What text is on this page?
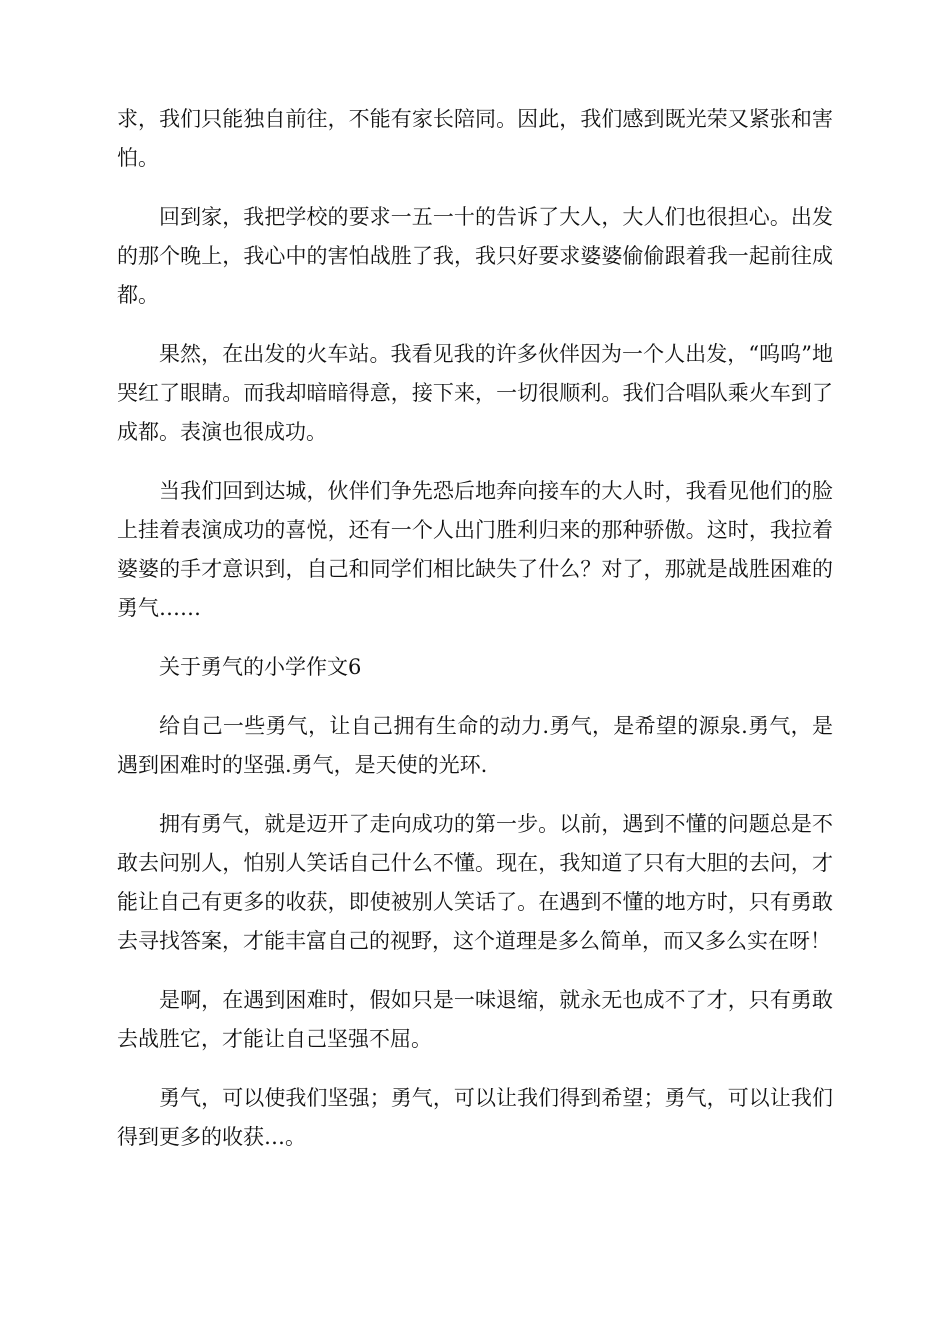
求，我们只能独自前往，不能有家长陪同。因此，我们感到既光荣又紧张和害怕。

回到家，我把学校的要求一五一十的告诉了大人，大人们也很担心。出发的那个晚上，我心中的害怕战胜了我，我只好要求婆婆偷偷跟着我一起前往成都。

果然，在出发的火车站。我看见我的许多伙伴因为一个人出发，“呜呜”地哭红了眼睛。而我却暗暗得意，接下来，一切很顺利。我们合唱队乘火车到了成都。表演也很成功。

当我们回到达城，伙伴们争先恐后地奔向接车的大人时，我看见他们的脸上挂着表演成功的喜悦，还有一个人出门胜利归来的那种骄傲。这时，我拉着婆婆的手才意识到，自己和同学们相比缺失了什么？对了，那就是战胜困难的勇气……

关于勇气的小学作文6

给自己一些勇气，让自己拥有生命的动力.勇气，是希望的源泉.勇气，是遇到困难时的坚强.勇气，是天使的光环.

拥有勇气，就是迈开了走向成功的第一步。以前，遇到不懂的问题总是不敢去问别人，怕别人笑话自己什么不懂。现在，我知道了只有大胆的去问，才能让自己有更多的收获，即使被别人笑话了。在遇到不懂的地方时，只有勇敢去寻找答案，才能丰富自己的视野，这个道理是多么简单，而又多么实在呀！

是啊，在遇到困难时，假如只是一味退缩，就永无也成不了才，只有勇敢去战胜它，才能让自己坚强不屈。

勇气，可以使我们坚强；勇气，可以让我们得到希望；勇气，可以让我们得到更多的收获…。
